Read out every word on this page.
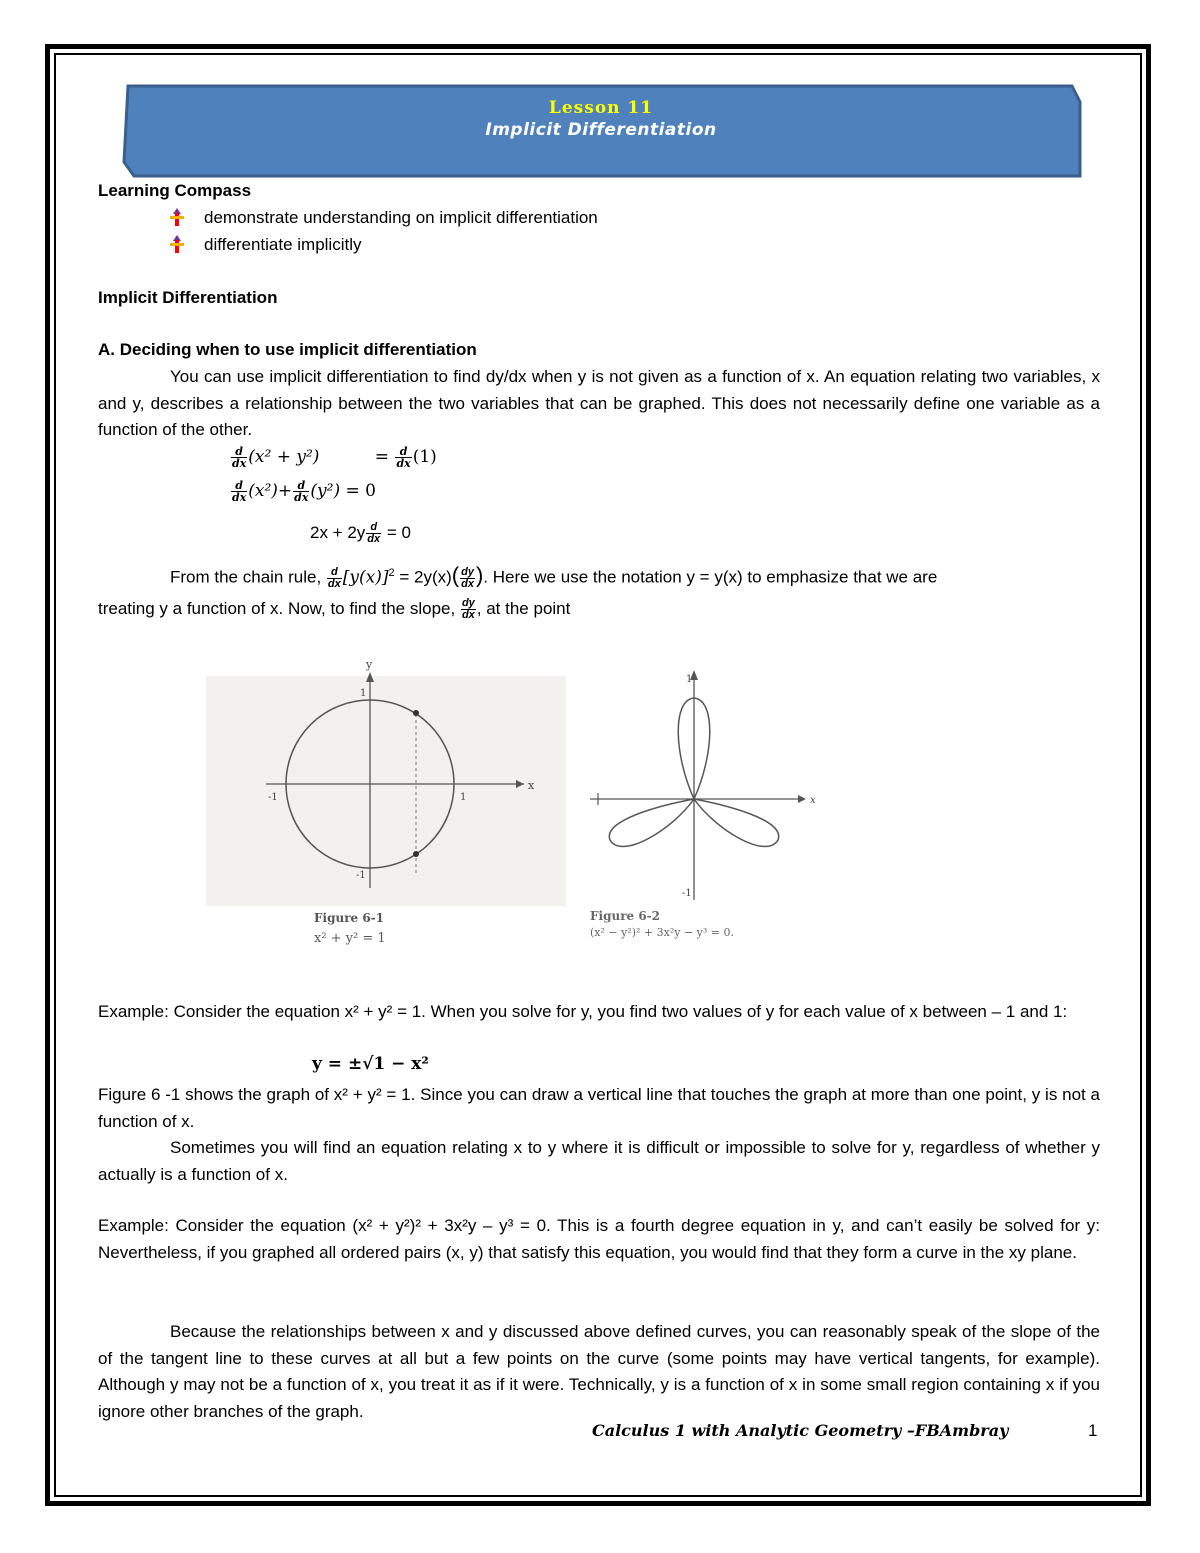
Lesson 11
Implicit Differentiation
Learning Compass
demonstrate understanding on implicit differentiation
differentiate implicitly
Implicit Differentiation
A. Deciding when to use implicit differentiation
You can use implicit differentiation to find dy/dx when y is not given as a function of x. An equation relating two variables, x and y, describes a relationship between the two variables that can be graphed. This does not necessarily define one variable as a function of the other.
$\frac{d}{dx} (x^2 + y^2)$	= $\frac{d}{dx} (1)$
$\frac{d}{dx} (x^2)+ \frac{d}{dx} (y^2) = 0$
$2x + 2y \frac{d}{dx} = 0$
From the chain rule, $\frac{d}{dx} [y(x)]^2 = 2y(x)( \frac{dy}{dx}$ ). Here we use the notation y = y(x) to emphasize that we are
treating y a function of x. Now, to find the slope, $\frac{dy}{dx}$ , at the point
x
y
1
1
-1
-1
Figure 6-1
x² + y² = 1
x
1
-1
Figure 6-2
(x² − y²)² + 3x²y − y³ = 0.
Example: Consider the equation x² + y² = 1. When you solve for y, you find two values of y for each value of x between – 1 and 1:
y = ±√1 − x²
Figure 6 -1 shows the graph of x² + y² = 1. Since you can draw a vertical line that touches the graph at more than one point, y is not a function of x.
Sometimes you will find an equation relating x to y where it is difficult or impossible to solve for y, regardless of whether y actually is a function of x.
Example: Consider the equation (x² + y²)² + 3x²y – y³ = 0. This is a fourth degree equation in y, and can’t easily be solved for y: Nevertheless, if you graphed all ordered pairs (x, y) that satisfy this equation, you would find that they form a curve in the xy plane.
Because the relationships between x and y discussed above defined curves, you can reasonably speak of the slope of the of the tangent line to these curves at all but a few points on the curve (some points may have vertical tangents, for example). Although y may not be a function of x, you treat it as if it were. Technically, y is a function of x in some small region containing x if you ignore other branches of the graph.
Calculus 1 with Analytic Geometry –FBAmbray	1
